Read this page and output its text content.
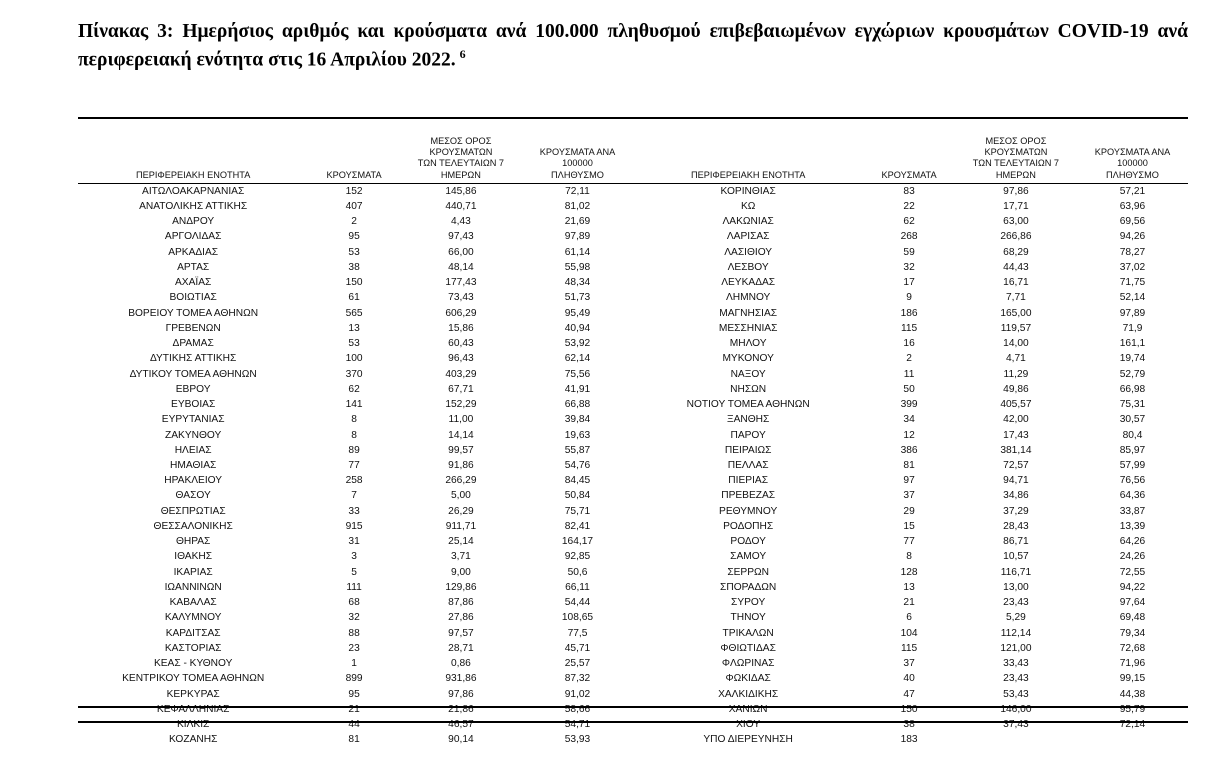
Πίνακας 3: Ημερήσιος αριθμός και κρούσματα ανά 100.000 πληθυσμού επιβεβαιωμένων εγχώριων κρουσμάτων COVID-19 ανά περιφερειακή ενότητα στις 16 Απριλίου 2022. $^6$
ΠΕΡΙΦΕΡΕΙΑΚΗ ΕΝΟΤΗΤΑ	ΚΡΟΥΣΜΑΤΑ	ΜΕΣΟΣ ΟΡΟΣ ΚΡΟΥΣΜΑΤΩΝ
ΤΩΝ ΤΕΛΕΥΤΑΙΩΝ 7 ΗΜΕΡΩΝ	ΚΡΟΥΣΜΑΤΑ ΑΝΑ 100000
ΠΛΗΘΥΣΜΟ
ΑΙΤΩΛΟΑΚΑΡΝΑΝΙΑΣ	152	145,86	72,11
ΑΝΑΤΟΛΙΚΗΣ ΑΤΤΙΚΗΣ	407	440,71	81,02
ΑΝΔΡΟΥ	2	4,43	21,69
ΑΡΓΟΛΙΔΑΣ	95	97,43	97,89
ΑΡΚΑΔΙΑΣ	53	66,00	61,14
ΑΡΤΑΣ	38	48,14	55,98
ΑΧΑΪΑΣ	150	177,43	48,34
ΒΟΙΩΤΙΑΣ	61	73,43	51,73
ΒΟΡΕΙΟΥ ΤΟΜΕΑ ΑΘΗΝΩΝ	565	606,29	95,49
ΓΡΕΒΕΝΩΝ	13	15,86	40,94
ΔΡΑΜΑΣ	53	60,43	53,92
ΔΥΤΙΚΗΣ ΑΤΤΙΚΗΣ	100	96,43	62,14
ΔΥΤΙΚΟΥ ΤΟΜΕΑ ΑΘΗΝΩΝ	370	403,29	75,56
ΕΒΡΟΥ	62	67,71	41,91
ΕΥΒΟΙΑΣ	141	152,29	66,88
ΕΥΡΥΤΑΝΙΑΣ	8	11,00	39,84
ΖΑΚΥΝΘΟΥ	8	14,14	19,63
ΗΛΕΙΑΣ	89	99,57	55,87
ΗΜΑΘΙΑΣ	77	91,86	54,76
ΗΡΑΚΛΕΙΟΥ	258	266,29	84,45
ΘΑΣΟΥ	7	5,00	50,84
ΘΕΣΠΡΩΤΙΑΣ	33	26,29	75,71
ΘΕΣΣΑΛΟΝΙΚΗΣ	915	911,71	82,41
ΘΗΡΑΣ	31	25,14	164,17
ΙΘΑΚΗΣ	3	3,71	92,85
ΙΚΑΡΙΑΣ	5	9,00	50,6
ΙΩΑΝΝΙΝΩΝ	111	129,86	66,11
ΚΑΒΑΛΑΣ	68	87,86	54,44
ΚΑΛΥΜΝΟΥ	32	27,86	108,65
ΚΑΡΔΙΤΣΑΣ	88	97,57	77,5
ΚΑΣΤΟΡΙΑΣ	23	28,71	45,71
ΚΕΑΣ - ΚΥΘΝΟΥ	1	0,86	25,57
ΚΕΝΤΡΙΚΟΥ ΤΟΜΕΑ ΑΘΗΝΩΝ	899	931,86	87,32
ΚΕΡΚΥΡΑΣ	95	97,86	91,02
ΚΕΦΑΛΛΗΝΙΑΣ	21	21,86	58,66
ΚΙΛΚΙΣ	44	46,57	54,71
ΚΟΖΑΝΗΣ	81	90,14	53,93
ΠΕΡΙΦΕΡΕΙΑΚΗ ΕΝΟΤΗΤΑ	ΚΡΟΥΣΜΑΤΑ	ΜΕΣΟΣ ΟΡΟΣ ΚΡΟΥΣΜΑΤΩΝ
ΤΩΝ ΤΕΛΕΥΤΑΙΩΝ 7 ΗΜΕΡΩΝ	ΚΡΟΥΣΜΑΤΑ ΑΝΑ 100000
ΠΛΗΘΥΣΜΟ
ΚΟΡΙΝΘΙΑΣ	83	97,86	57,21
ΚΩ	22	17,71	63,96
ΛΑΚΩΝΙΑΣ	62	63,00	69,56
ΛΑΡΙΣΑΣ	268	266,86	94,26
ΛΑΣΙΘΙΟΥ	59	68,29	78,27
ΛΕΣΒΟΥ	32	44,43	37,02
ΛΕΥΚΑΔΑΣ	17	16,71	71,75
ΛΗΜΝΟΥ	9	7,71	52,14
ΜΑΓΝΗΣΙΑΣ	186	165,00	97,89
ΜΕΣΣΗΝΙΑΣ	115	119,57	71,9
ΜΗΛΟΥ	16	14,00	161,1
ΜΥΚΟΝΟΥ	2	4,71	19,74
ΝΑΞΟΥ	11	11,29	52,79
ΝΗΣΩΝ	50	49,86	66,98
ΝΟΤΙΟΥ ΤΟΜΕΑ ΑΘΗΝΩΝ	399	405,57	75,31
ΞΑΝΘΗΣ	34	42,00	30,57
ΠΑΡΟΥ	12	17,43	80,4
ΠΕΙΡΑΙΩΣ	386	381,14	85,97
ΠΕΛΛΑΣ	81	72,57	57,99
ΠΙΕΡΙΑΣ	97	94,71	76,56
ΠΡΕΒΕΖΑΣ	37	34,86	64,36
ΡΕΘΥΜΝΟΥ	29	37,29	33,87
ΡΟΔΟΠΗΣ	15	28,43	13,39
ΡΟΔΟΥ	77	86,71	64,26
ΣΑΜΟΥ	8	10,57	24,26
ΣΕΡΡΩΝ	128	116,71	72,55
ΣΠΟΡΑΔΩΝ	13	13,00	94,22
ΣΥΡΟΥ	21	23,43	97,64
ΤΗΝΟΥ	6	5,29	69,48
ΤΡΙΚΑΛΩΝ	104	112,14	79,34
ΦΘΙΩΤΙΔΑΣ	115	121,00	72,68
ΦΛΩΡΙΝΑΣ	37	33,43	71,96
ΦΩΚΙΔΑΣ	40	23,43	99,15
ΧΑΛΚΙΔΙΚΗΣ	47	53,43	44,38
ΧΑΝΙΩΝ	150	146,00	95,79
ΧΙΟΥ	38	37,43	72,14
ΥΠΟ ΔΙΕΡΕΥΝΗΣΗ	183		
